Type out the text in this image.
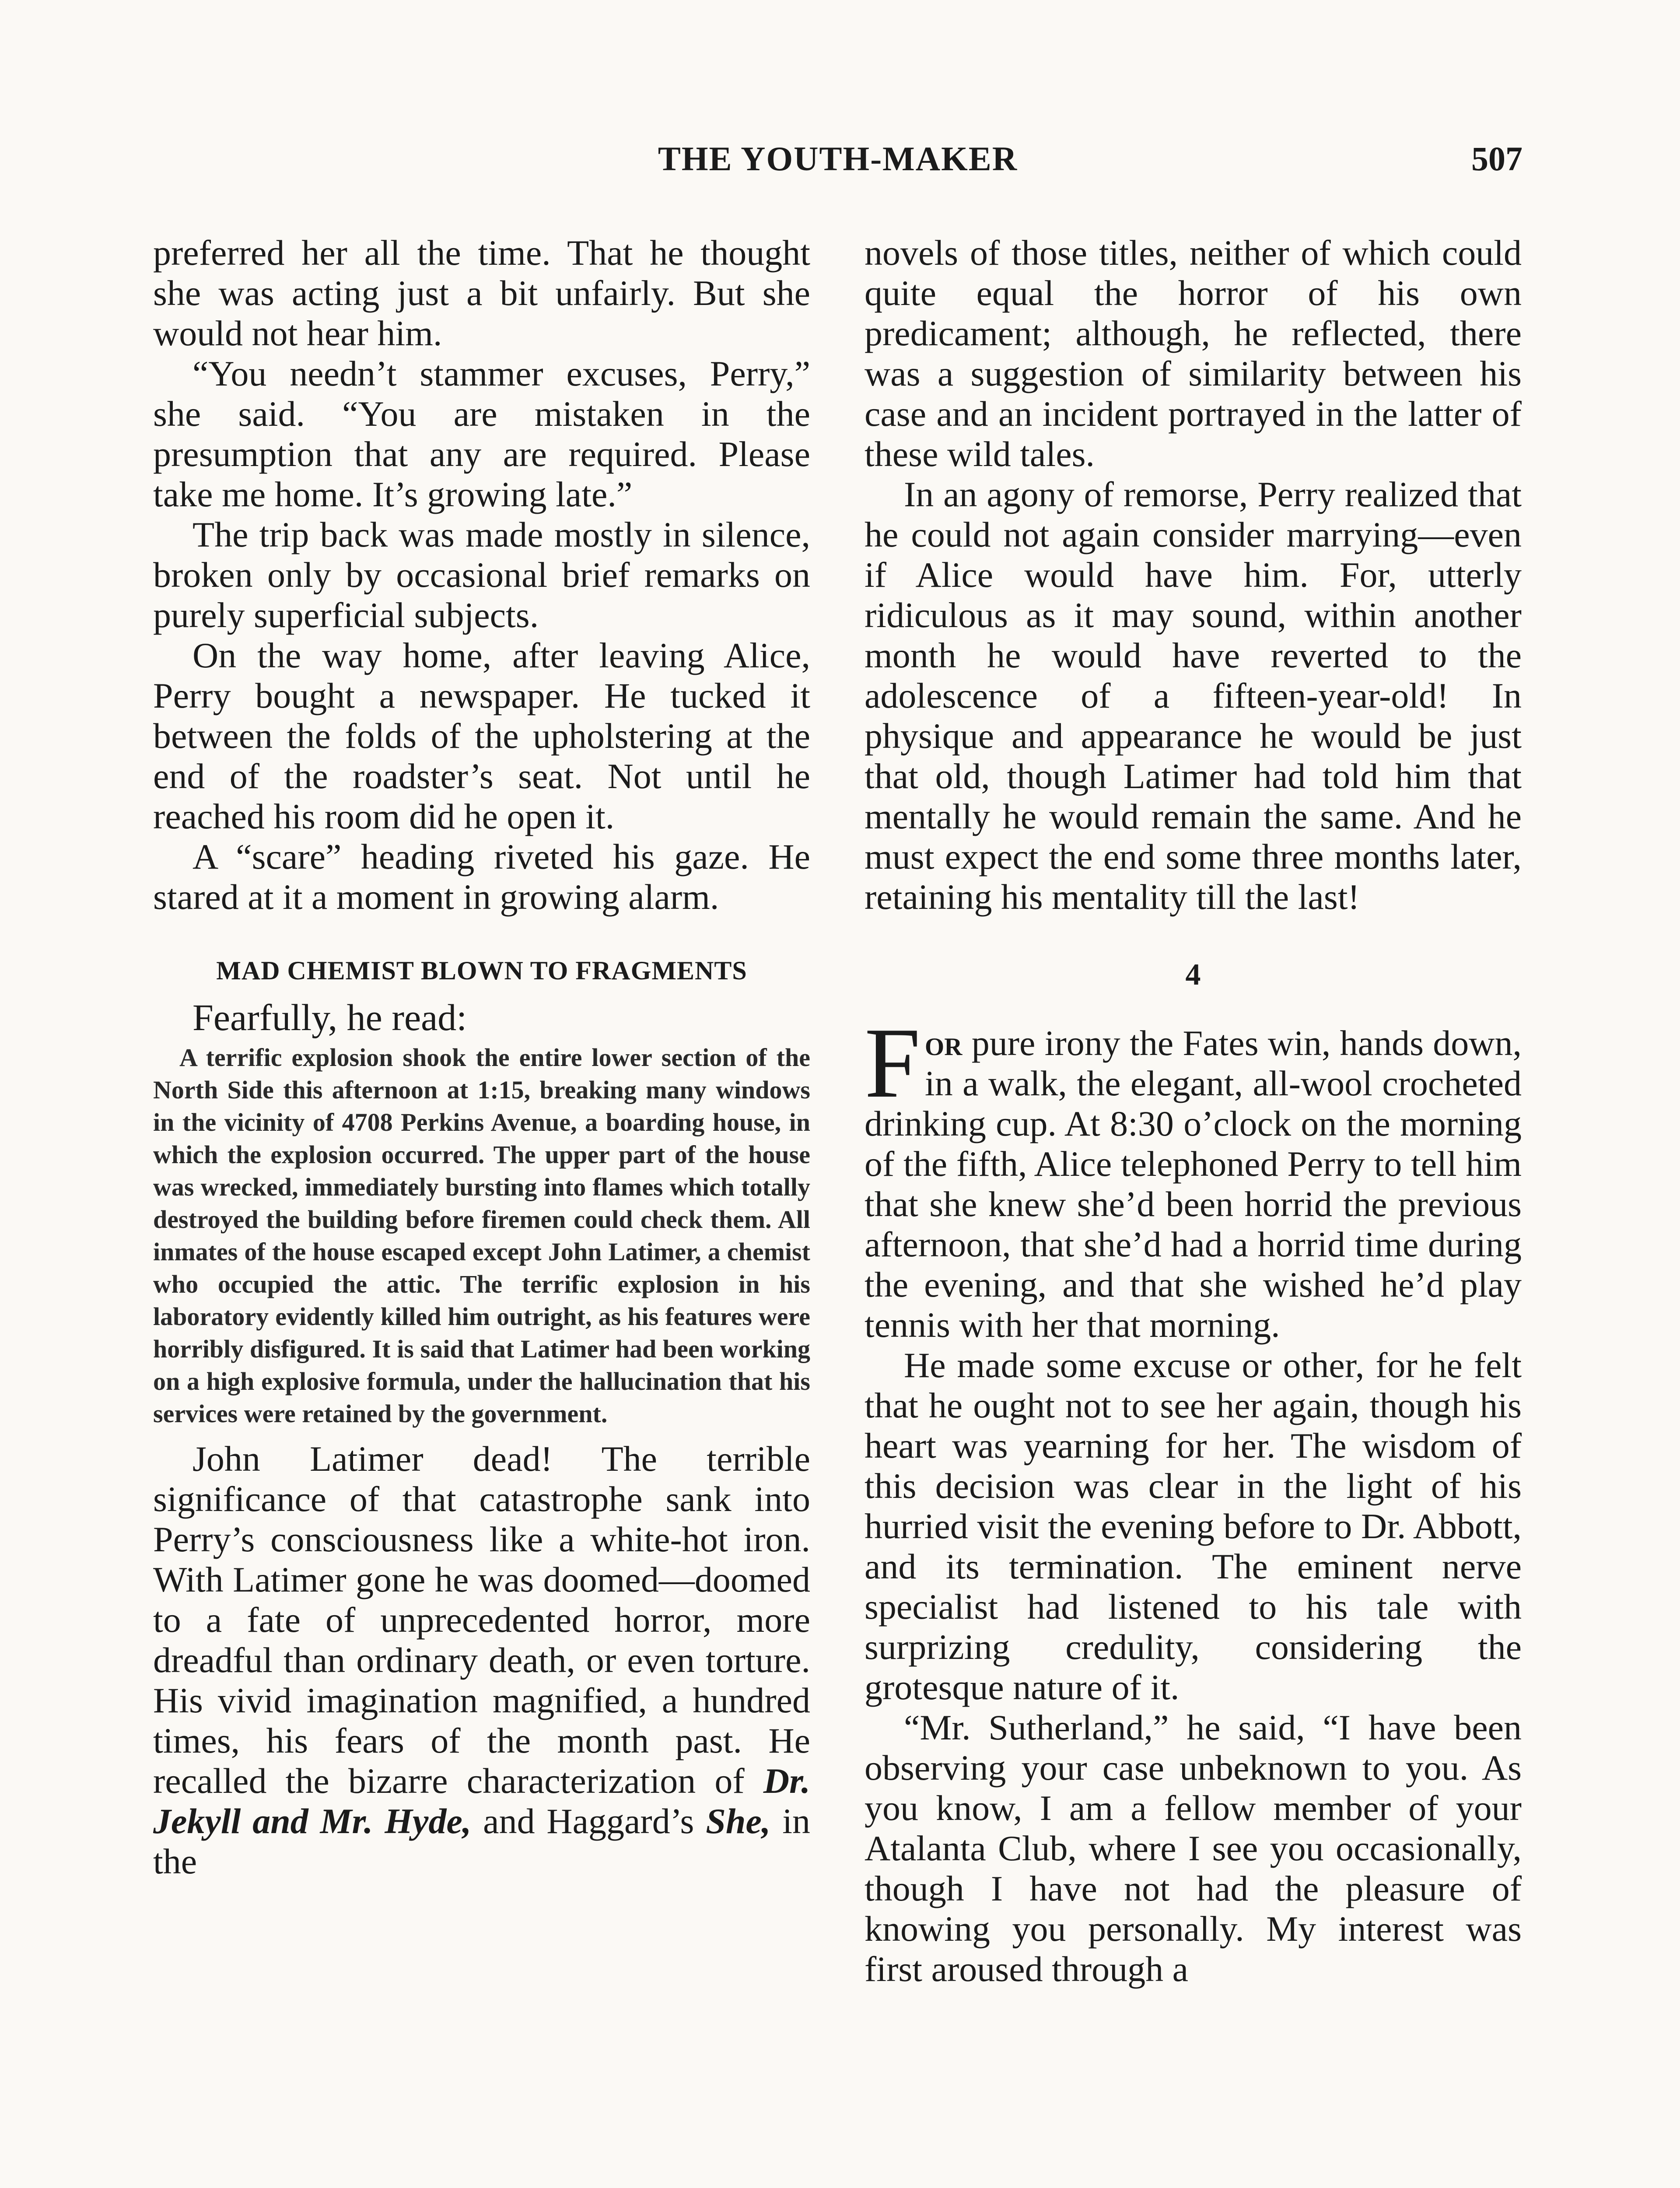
THE YOUTH-MAKER	507

preferred her all the time. That he thought she was acting just a bit unfairly. But she would not hear him.

“You needn’t stammer excuses, Perry,” she said. “You are mistaken in the presumption that any are required. Please take me home. It’s growing late.”

The trip back was made mostly in silence, broken only by occasional brief remarks on purely superficial subjects.

On the way home, after leaving Alice, Perry bought a newspaper. He tucked it between the folds of the upholstering at the end of the roadster’s seat. Not until he reached his room did he open it.

A “scare” heading riveted his gaze. He stared at it a moment in growing alarm.

MAD CHEMIST BLOWN TO FRAGMENTS

Fearfully, he read:

A terrific explosion shook the entire lower section of the North Side this afternoon at 1:15, breaking many windows in the vicinity of 4708 Perkins Avenue, a boarding house, in which the explosion occurred. The upper part of the house was wrecked, immediately bursting into flames which totally destroyed the building before firemen could check them. All inmates of the house escaped except John Latimer, a chemist who occupied the attic. The terrific explosion in his laboratory evidently killed him outright, as his features were horribly disfigured. It is said that Latimer had been working on a high explosive formula, under the hallucination that his services were retained by the government.

John Latimer dead! The terrible significance of that catastrophe sank into Perry’s consciousness like a white-hot iron. With Latimer gone he was doomed—doomed to a fate of unprecedented horror, more dreadful than ordinary death, or even torture. His vivid imagination magnified, a hundred times, his fears of the month past. He recalled the bizarre characterization of Dr. Jekyll and Mr. Hyde, and Haggard’s She, in the

novels of those titles, neither of which could quite equal the horror of his own predicament; although, he reflected, there was a suggestion of similarity between his case and an incident portrayed in the latter of these wild tales.

In an agony of remorse, Perry realized that he could not again consider marrying—even if Alice would have him. For, utterly ridiculous as it may sound, within another month he would have reverted to the adolescence of a fifteen-year-old! In physique and appearance he would be just that old, though Latimer had told him that mentally he would remain the same. And he must expect the end some three months later, retaining his mentality till the last!

4

For pure irony the Fates win, hands down, in a walk, the elegant, all-wool crocheted drinking cup. At 8:30 o’clock on the morning of the fifth, Alice telephoned Perry to tell him that she knew she’d been horrid the previous afternoon, that she’d had a horrid time during the evening, and that she wished he’d play tennis with her that morning.

He made some excuse or other, for he felt that he ought not to see her again, though his heart was yearning for her. The wisdom of this decision was clear in the light of his hurried visit the evening before to Dr. Abbott, and its termination. The eminent nerve specialist had listened to his tale with surprizing credulity, considering the grotesque nature of it.

“Mr. Sutherland,” he said, “I have been observing your case unbeknown to you. As you know, I am a fellow member of your Atalanta Club, where I see you occasionally, though I have not had the pleasure of knowing you personally. My interest was first aroused through a
